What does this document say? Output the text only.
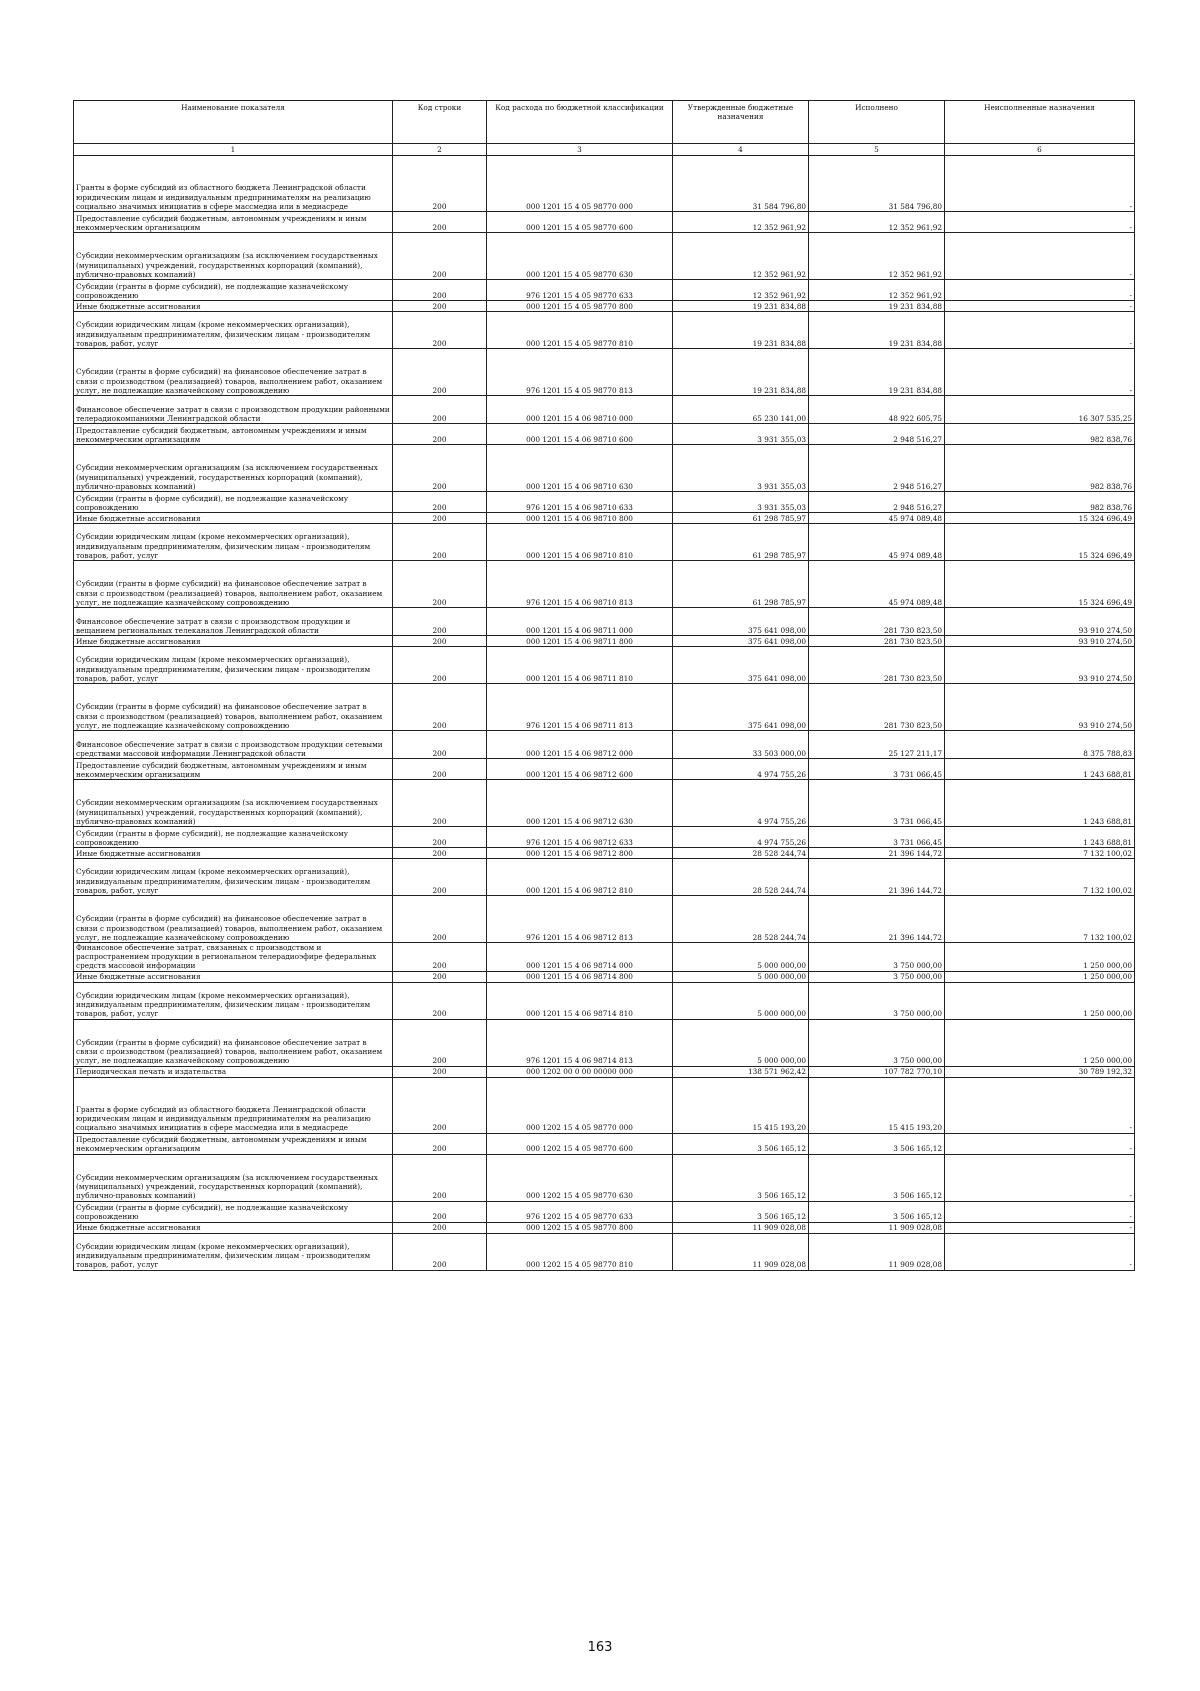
Наименование показателя	Код строки	Код расхода по бюджетной классификации	Утвержденные бюджетные назначения	Исполнено	Неисполненные назначения
1	2	3	4	5	6
Гранты в форме субсидий из областного бюджета Ленинградской области юридическим лицам и индивидуальным предпринимателям на реализацию социально значимых инициатив в сфере массмедиа или в медиасреде	200	000 1201 15 4 05 98770 000	31 584 796,80	31 584 796,80	-
Предоставление субсидий бюджетным, автономным учреждениям и иным некоммерческим организациям	200	000 1201 15 4 05 98770 600	12 352 961,92	12 352 961,92	-
Субсидии некоммерческим организациям (за исключением государственных (муниципальных) учреждений, государственных корпораций (компаний), публично-правовых компаний)	200	000 1201 15 4 05 98770 630	12 352 961,92	12 352 961,92	-
Субсидии (гранты в форме субсидий), не подлежащие казначейскому сопровождению	200	976 1201 15 4 05 98770 633	12 352 961,92	12 352 961,92	-
Иные бюджетные ассигнования	200	000 1201 15 4 05 98770 800	19 231 834,88	19 231 834,88	-
Субсидии юридическим лицам (кроме некоммерческих организаций), индивидуальным предпринимателям, физическим лицам - производителям товаров, работ, услуг	200	000 1201 15 4 05 98770 810	19 231 834,88	19 231 834,88	-
Субсидии (гранты в форме субсидий) на финансовое обеспечение затрат в связи с производством (реализацией) товаров, выполнением работ, оказанием услуг, не подлежащие казначейскому сопровождению	200	976 1201 15 4 05 98770 813	19 231 834,88	19 231 834,88	-
Финансовое обеспечение затрат в связи с производством продукции районными телерадиокомпаниями Ленинградской области	200	000 1201 15 4 06 98710 000	65 230 141,00	48 922 605,75	16 307 535,25
Предоставление субсидий бюджетным, автономным учреждениям и иным некоммерческим организациям	200	000 1201 15 4 06 98710 600	3 931 355,03	2 948 516,27	982 838,76
Субсидии некоммерческим организациям (за исключением государственных (муниципальных) учреждений, государственных корпораций (компаний), публично-правовых компаний)	200	000 1201 15 4 06 98710 630	3 931 355,03	2 948 516,27	982 838,76
Субсидии (гранты в форме субсидий), не подлежащие казначейскому сопровождению	200	976 1201 15 4 06 98710 633	3 931 355,03	2 948 516,27	982 838,76
Иные бюджетные ассигнования	200	000 1201 15 4 06 98710 800	61 298 785,97	45 974 089,48	15 324 696,49
Субсидии юридическим лицам (кроме некоммерческих организаций), индивидуальным предпринимателям, физическим лицам - производителям товаров, работ, услуг	200	000 1201 15 4 06 98710 810	61 298 785,97	45 974 089,48	15 324 696,49
Субсидии (гранты в форме субсидий) на финансовое обеспечение затрат в связи с производством (реализацией) товаров, выполнением работ, оказанием услуг, не подлежащие казначейскому сопровождению	200	976 1201 15 4 06 98710 813	61 298 785,97	45 974 089,48	15 324 696,49
Финансовое обеспечение затрат в связи с производством продукции и вещанием региональных телеканалов Ленинградской области	200	000 1201 15 4 06 98711 000	375 641 098,00	281 730 823,50	93 910 274,50
Иные бюджетные ассигнования	200	000 1201 15 4 06 98711 800	375 641 098,00	281 730 823,50	93 910 274,50
Субсидии юридическим лицам (кроме некоммерческих организаций), индивидуальным предпринимателям, физическим лицам - производителям товаров, работ, услуг	200	000 1201 15 4 06 98711 810	375 641 098,00	281 730 823,50	93 910 274,50
Субсидии (гранты в форме субсидий) на финансовое обеспечение затрат в связи с производством (реализацией) товаров, выполнением работ, оказанием услуг, не подлежащие казначейскому сопровождению	200	976 1201 15 4 06 98711 813	375 641 098,00	281 730 823,50	93 910 274,50
Финансовое обеспечение затрат в связи с производством продукции сетевыми средствами массовой информации Ленинградской области	200	000 1201 15 4 06 98712 000	33 503 000,00	25 127 211,17	8 375 788,83
Предоставление субсидий бюджетным, автономным учреждениям и иным некоммерческим организациям	200	000 1201 15 4 06 98712 600	4 974 755,26	3 731 066,45	1 243 688,81
Субсидии некоммерческим организациям (за исключением государственных (муниципальных) учреждений, государственных корпораций (компаний), публично-правовых компаний)	200	000 1201 15 4 06 98712 630	4 974 755,26	3 731 066,45	1 243 688,81
Субсидии (гранты в форме субсидий), не подлежащие казначейскому сопровождению	200	976 1201 15 4 06 98712 633	4 974 755,26	3 731 066,45	1 243 688,81
Иные бюджетные ассигнования	200	000 1201 15 4 06 98712 800	28 528 244,74	21 396 144,72	7 132 100,02
Субсидии юридическим лицам (кроме некоммерческих организаций), индивидуальным предпринимателям, физическим лицам - производителям товаров, работ, услуг	200	000 1201 15 4 06 98712 810	28 528 244,74	21 396 144,72	7 132 100,02
Субсидии (гранты в форме субсидий) на финансовое обеспечение затрат в связи с производством (реализацией) товаров, выполнением работ, оказанием услуг, не подлежащие казначейскому сопровождению	200	976 1201 15 4 06 98712 813	28 528 244,74	21 396 144,72	7 132 100,02
Финансовое обеспечение затрат, связанных с производством и распространением продукции в региональном телерадиоэфире федеральных средств массовой информации	200	000 1201 15 4 06 98714 000	5 000 000,00	3 750 000,00	1 250 000,00
Иные бюджетные ассигнования	200	000 1201 15 4 06 98714 800	5 000 000,00	3 750 000,00	1 250 000,00
Субсидии юридическим лицам (кроме некоммерческих организаций), индивидуальным предпринимателям, физическим лицам - производителям товаров, работ, услуг	200	000 1201 15 4 06 98714 810	5 000 000,00	3 750 000,00	1 250 000,00
Субсидии (гранты в форме субсидий) на финансовое обеспечение затрат в связи с производством (реализацией) товаров, выполнением работ, оказанием услуг, не подлежащие казначейскому сопровождению	200	976 1201 15 4 06 98714 813	5 000 000,00	3 750 000,00	1 250 000,00
Периодическая печать и издательства	200	000 1202 00 0 00 00000 000	138 571 962,42	107 782 770,10	30 789 192,32
Гранты в форме субсидий из областного бюджета Ленинградской области юридическим лицам и индивидуальным предпринимателям на реализацию социально значимых инициатив в сфере массмедиа или в медиасреде	200	000 1202 15 4 05 98770 000	15 415 193,20	15 415 193,20	-
Предоставление субсидий бюджетным, автономным учреждениям и иным некоммерческим организациям	200	000 1202 15 4 05 98770 600	3 506 165,12	3 506 165,12	-
Субсидии некоммерческим организациям (за исключением государственных (муниципальных) учреждений, государственных корпораций (компаний), публично-правовых компаний)	200	000 1202 15 4 05 98770 630	3 506 165,12	3 506 165,12	-
Субсидии (гранты в форме субсидий), не подлежащие казначейскому сопровождению	200	976 1202 15 4 05 98770 633	3 506 165,12	3 506 165,12	-
Иные бюджетные ассигнования	200	000 1202 15 4 05 98770 800	11 909 028,08	11 909 028,08	-
Субсидии юридическим лицам (кроме некоммерческих организаций), индивидуальным предпринимателям, физическим лицам - производителям товаров, работ, услуг	200	000 1202 15 4 05 98770 810	11 909 028,08	11 909 028,08	-
163
